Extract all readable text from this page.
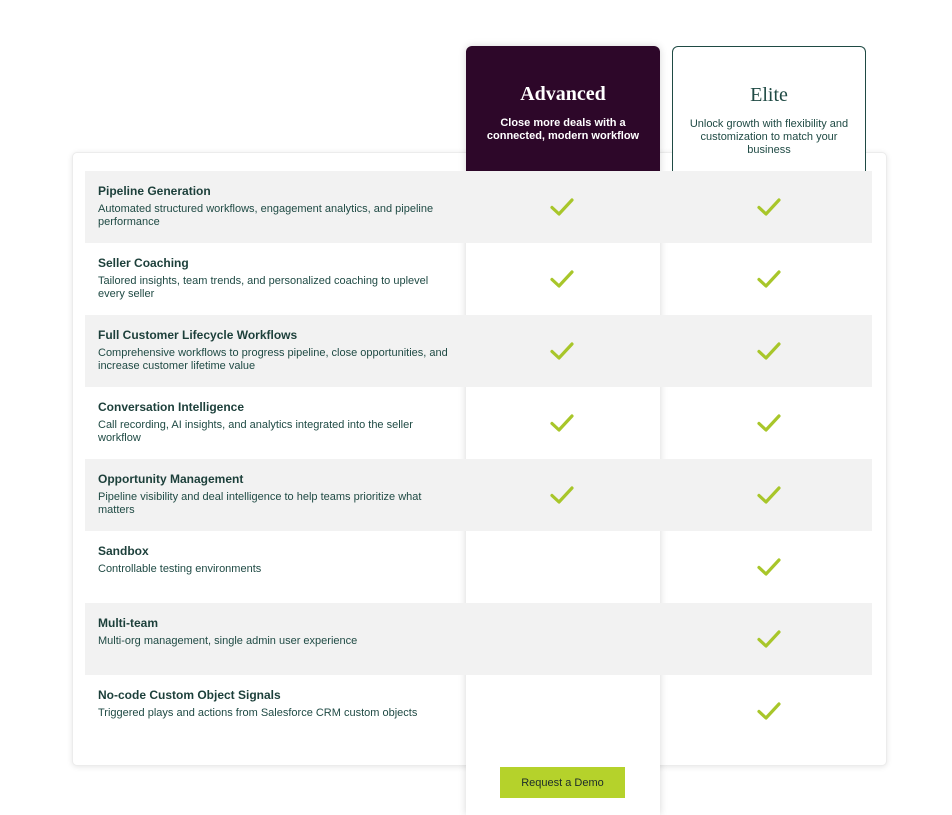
Advanced
Close more deals with a connected, modern workflow
Elite
Unlock growth with flexibility and customization to match your business
Pipeline Generation
Automated structured workflows, engagement analytics, and pipeline performance
Seller Coaching
Tailored insights, team trends, and personalized coaching to uplevel every seller
Full Customer Lifecycle Workflows
Comprehensive workflows to progress pipeline, close opportunities, and increase customer lifetime value
Conversation Intelligence
Call recording, AI insights, and analytics integrated into the seller workflow
Opportunity Management
Pipeline visibility and deal intelligence to help teams prioritize what matters
Sandbox
Controllable testing environments
Multi-team
Multi-org management, single admin user experience
No-code Custom Object Signals
Triggered plays and actions from Salesforce CRM custom objects
Request a Demo
